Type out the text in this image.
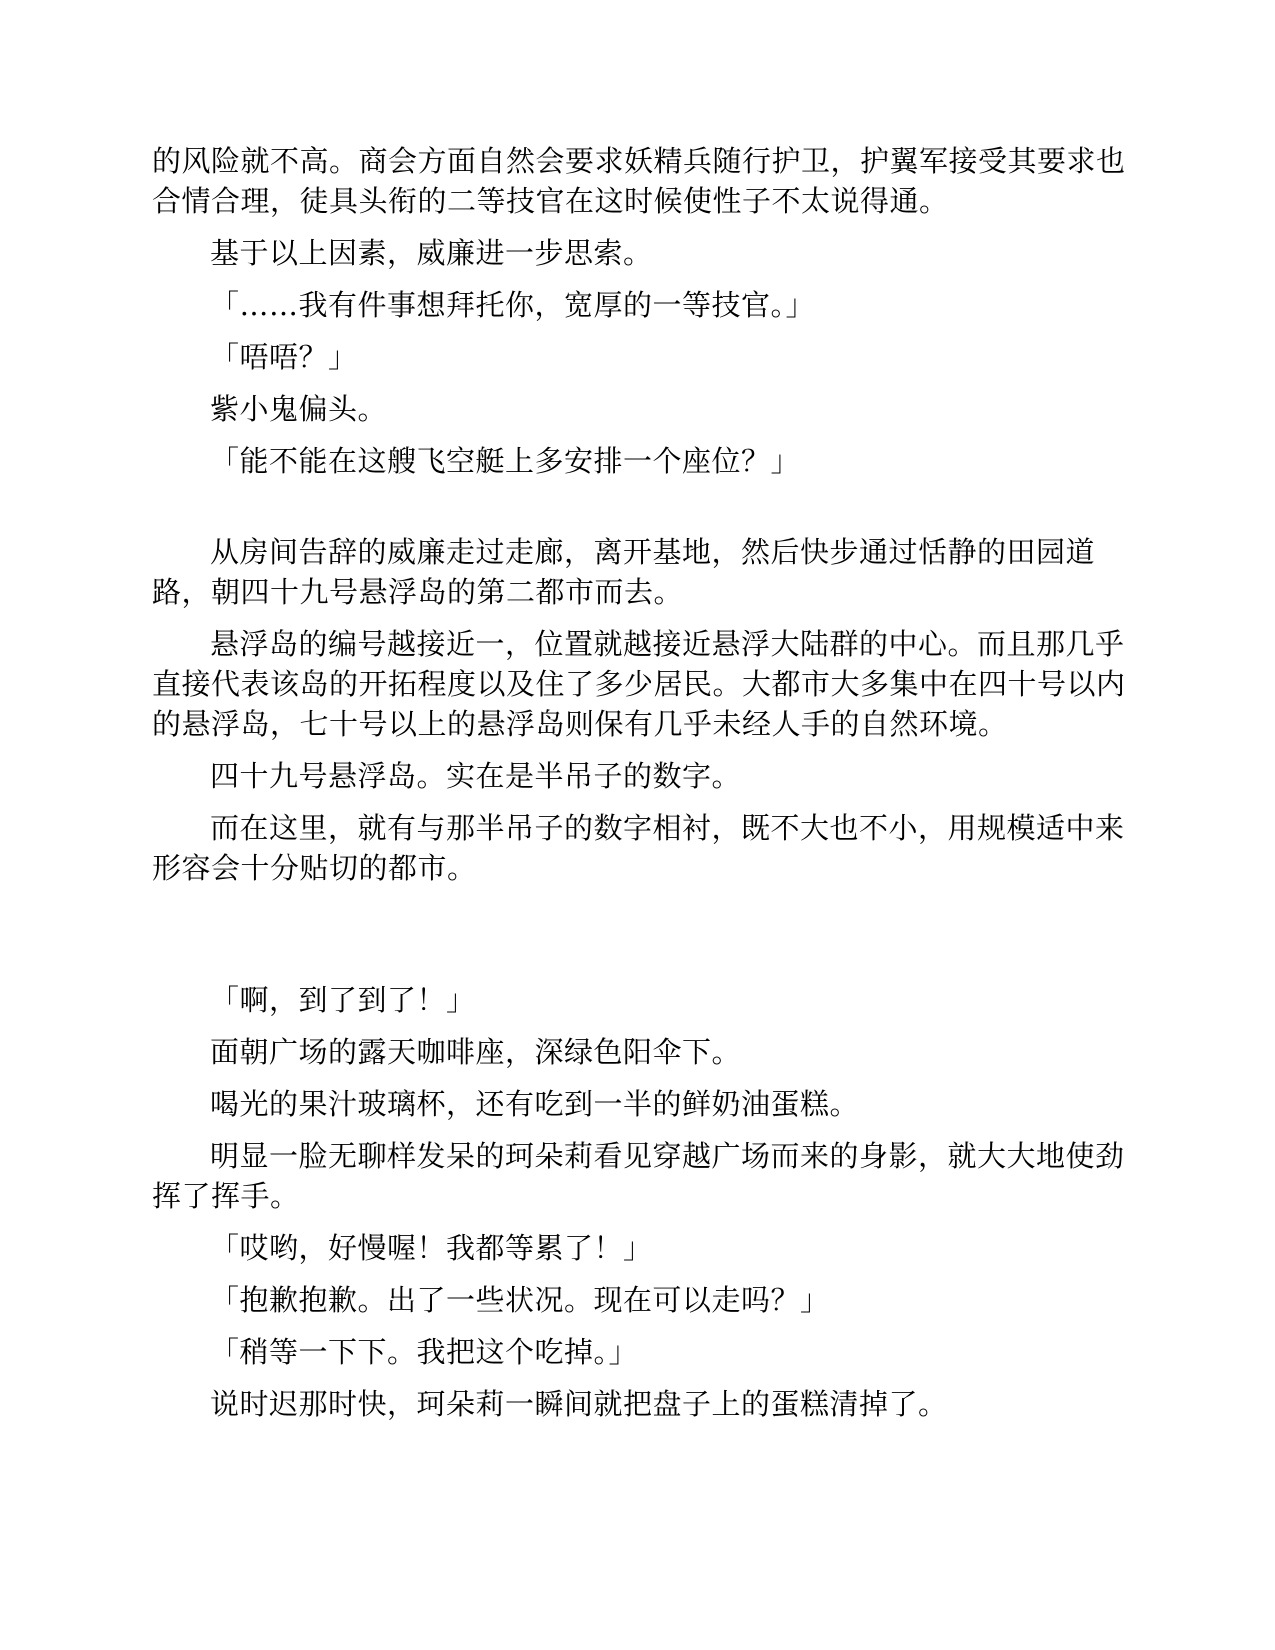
的风险就不高。商会方面自然会要求妖精兵随行护卫，护翼军接受其要求也合情合理，徒具头衔的二等技官在这时候使性子不太说得通。

基于以上因素，威廉进一步思索。

「……我有件事想拜托你，宽厚的一等技官。」

「唔唔？」

紫小鬼偏头。

「能不能在这艘飞空艇上多安排一个座位？」

从房间告辞的威廉走过走廊，离开基地，然后快步通过恬静的田园道路，朝四十九号悬浮岛的第二都市而去。

悬浮岛的编号越接近一，位置就越接近悬浮大陆群的中心。而且那几乎直接代表该岛的开拓程度以及住了多少居民。大都市大多集中在四十号以内的悬浮岛，七十号以上的悬浮岛则保有几乎未经人手的自然环境。

四十九号悬浮岛。实在是半吊子的数字。

而在这里，就有与那半吊子的数字相衬，既不大也不小，用规模适中来形容会十分贴切的都市。

「啊，到了到了！」

面朝广场的露天咖啡座，深绿色阳伞下。

喝光的果汁玻璃杯，还有吃到一半的鲜奶油蛋糕。

明显一脸无聊样发呆的珂朵莉看见穿越广场而来的身影，就大大地使劲挥了挥手。

「哎哟，好慢喔！我都等累了！」

「抱歉抱歉。出了一些状况。现在可以走吗？」

「稍等一下下。我把这个吃掉。」

说时迟那时快，珂朵莉一瞬间就把盘子上的蛋糕清掉了。
